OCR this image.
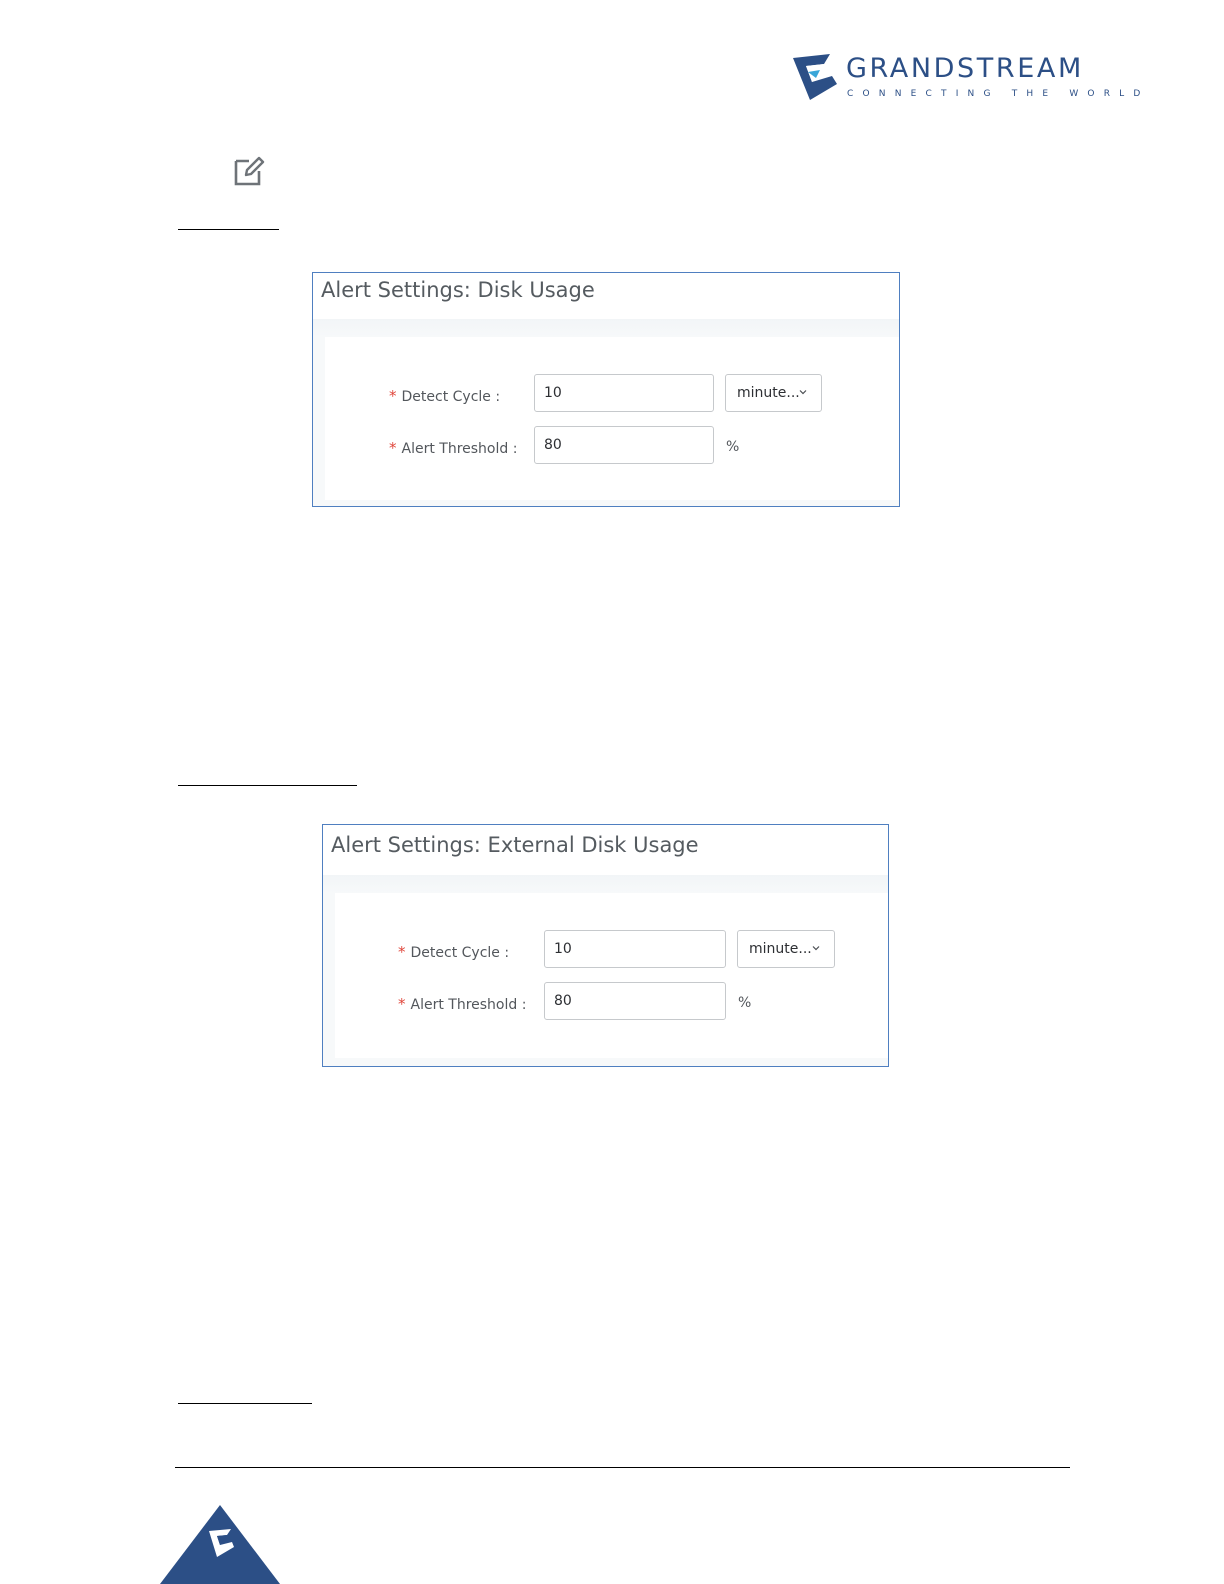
GRANDSTREAM
CONNECTING THE WORLD
Alert Settings: Disk Usage
* Detect Cycle :	10	minute...
* Alert Threshold :	80	%
Alert Settings: External Disk Usage
* Detect Cycle :	10	minute...
* Alert Threshold :	80	%
